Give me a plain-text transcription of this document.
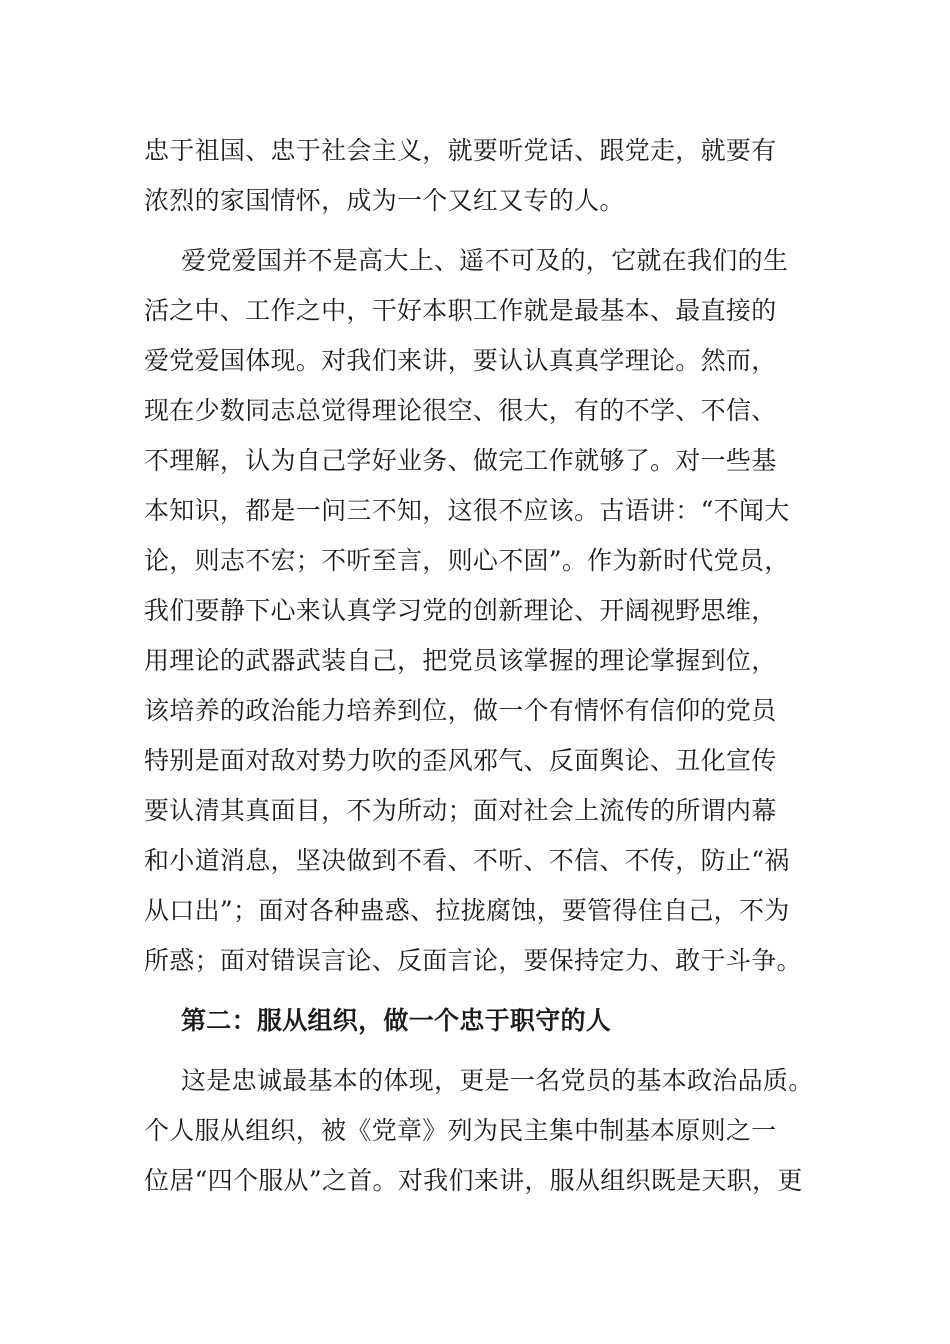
忠于祖国、忠于社会主义，就要听党话、跟党走，就要有
浓烈的家国情怀，成为一个又红又专的人。

爱党爱国并不是高大上、遥不可及的，它就在我们的生
活之中、工作之中，干好本职工作就是最基本、最直接的
爱党爱国体现。对我们来讲，要认认真真学理论。然而，
现在少数同志总觉得理论很空、很大，有的不学、不信、
不理解，认为自己学好业务、做完工作就够了。对一些基
本知识，都是一问三不知，这很不应该。古语讲：“不闻大
论，则志不宏；不听至言，则心不固”。作为新时代党员，
我们要静下心来认真学习党的创新理论、开阔视野思维，
用理论的武器武装自己，把党员该掌握的理论掌握到位，
该培养的政治能力培养到位，做一个有情怀有信仰的党员
特别是面对敌对势力吹的歪风邪气、反面舆论、丑化宣传
要认清其真面目，不为所动；面对社会上流传的所谓内幕
和小道消息，坚决做到不看、不听、不信、不传，防止“祸
从口出”；面对各种蛊惑、拉拢腐蚀，要管得住自己，不为
所惑；面对错误言论、反面言论，要保持定力、敢于斗争。

第二：服从组织，做一个忠于职守的人

这是忠诚最基本的体现，更是一名党员的基本政治品质。
个人服从组织，被《党章》列为民主集中制基本原则之一
位居“四个服从”之首。对我们来讲，服从组织既是天职，更
